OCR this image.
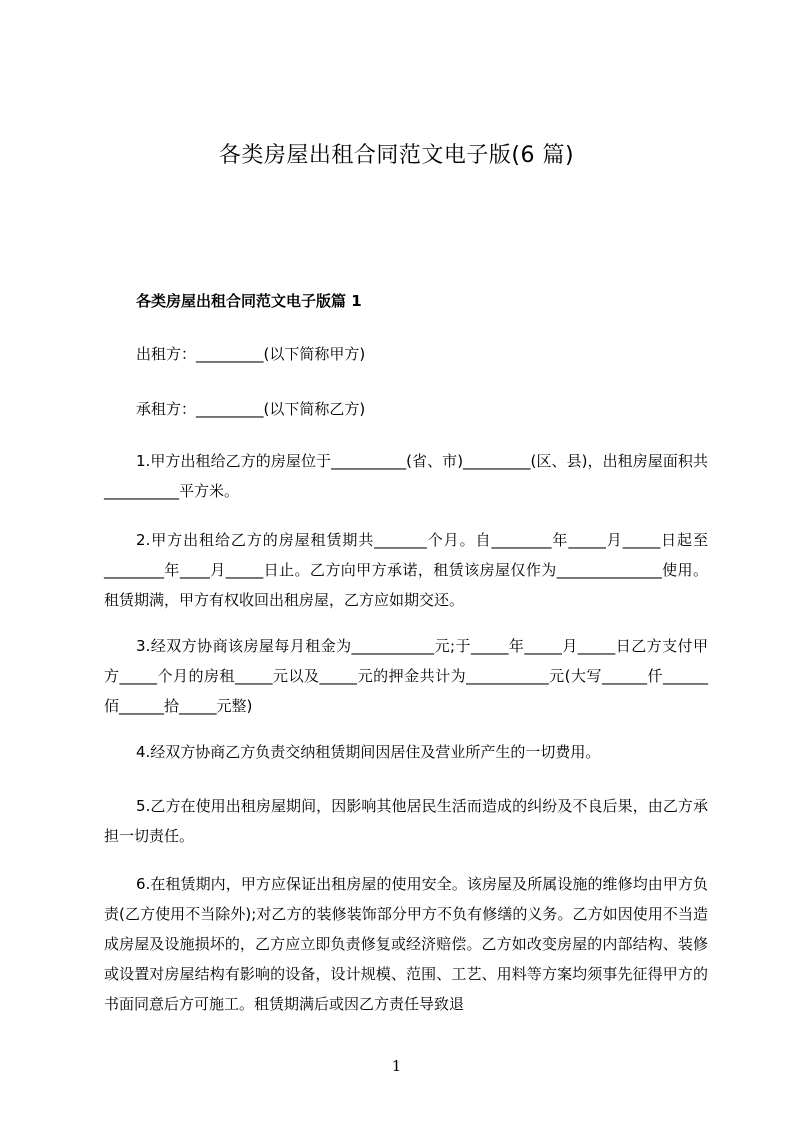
各类房屋出租合同范文电子版(6 篇)
各类房屋出租合同范文电子版篇 1

出租方：_________(以下简称甲方)

承租方：_________(以下简称乙方)

1.甲方出租给乙方的房屋位于__________(省、市)_________(区、县)，出租房屋面积共__________平方米。

2.甲方出租给乙方的房屋租赁期共_______个月。自________年_____月_____日起至________年____月_____日止。乙方向甲方承诺，租赁该房屋仅作为______________使用。租赁期满，甲方有权收回出租房屋，乙方应如期交还。

3.经双方协商该房屋每月租金为___________元;于_____年_____月_____日乙方支付甲方_____个月的房租_____元以及_____元的押金共计为___________元(大写______仟______佰______拾_____元整)

4.经双方协商乙方负责交纳租赁期间因居住及营业所产生的一切费用。

5.乙方在使用出租房屋期间，因影响其他居民生活而造成的纠纷及不良后果，由乙方承担一切责任。

6.在租赁期内，甲方应保证出租房屋的使用安全。该房屋及所属设施的维修均由甲方负责(乙方使用不当除外);对乙方的装修装饰部分甲方不负有修缮的义务。乙方如因使用不当造成房屋及设施损坏的，乙方应立即负责修复或经济赔偿。乙方如改变房屋的内部结构、装修或设置对房屋结构有影响的设备，设计规模、范围、工艺、用料等方案均须事先征得甲方的书面同意后方可施工。租赁期满后或因乙方责任导致退

1
